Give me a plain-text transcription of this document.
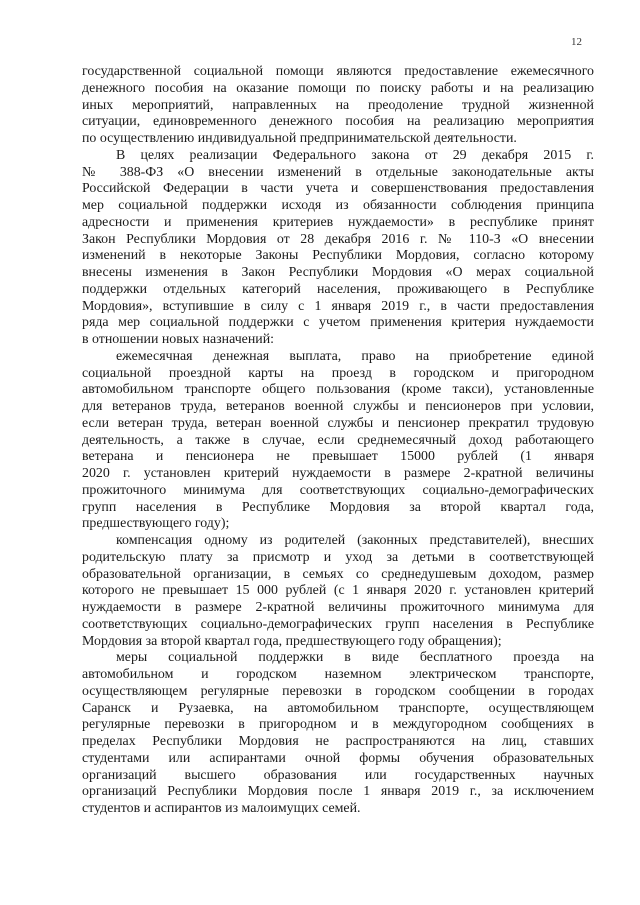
12
государственной социальной помощи являются предоставление ежемесячного
денежного пособия на оказание помощи по поиску работы и на реализацию
иных мероприятий, направленных на преодоление трудной жизненной
ситуации, единовременного денежного пособия на реализацию мероприятия
по осуществлению индивидуальной предпринимательской деятельности.
В целях реализации Федерального закона от 29 декабря 2015 г.
№ 388-ФЗ «О внесении изменений в отдельные законодательные акты
Российской Федерации в части учета и совершенствования предоставления
мер социальной поддержки исходя из обязанности соблюдения принципа
адресности и применения критериев нуждаемости» в республике принят
Закон Республики Мордовия от 28 декабря 2016 г. № 110-З «О внесении
изменений в некоторые Законы Республики Мордовия, согласно которому
внесены изменения в Закон Республики Мордовия «О мерах социальной
поддержки отдельных категорий населения, проживающего в Республике
Мордовия», вступившие в силу с 1 января 2019 г., в части предоставления
ряда мер социальной поддержки с учетом применения критерия нуждаемости
в отношении новых назначений:
ежемесячная денежная выплата, право на приобретение единой
социальной проездной карты на проезд в городском и пригородном
автомобильном транспорте общего пользования (кроме такси), установленные
для ветеранов труда, ветеранов военной службы и пенсионеров при условии,
если ветеран труда, ветеран военной службы и пенсионер прекратил трудовую
деятельность, а также в случае, если среднемесячный доход работающего
ветерана и пенсионера не превышает 15000 рублей (1 января
2020 г. установлен критерий нуждаемости в размере 2-кратной величины
прожиточного минимума для соответствующих социально-демографических
групп населения в Республике Мордовия за второй квартал года,
предшествующего году);
компенсация одному из родителей (законных представителей), внесших
родительскую плату за присмотр и уход за детьми в соответствующей
образовательной организации, в семьях со среднедушевым доходом, размер
которого не превышает 15 000 рублей (с 1 января 2020 г. установлен критерий
нуждаемости в размере 2-кратной величины прожиточного минимума для
соответствующих социально-демографических групп населения в Республике
Мордовия за второй квартал года, предшествующего году обращения);
меры социальной поддержки в виде бесплатного проезда на
автомобильном и городском наземном электрическом транспорте,
осуществляющем регулярные перевозки в городском сообщении в городах
Саранск и Рузаевка, на автомобильном транспорте, осуществляющем
регулярные перевозки в пригородном и в междугородном сообщениях в
пределах Республики Мордовия не распространяются на лиц, ставших
студентами или аспирантами очной формы обучения образовательных
организаций высшего образования или государственных научных
организаций Республики Мордовия после 1 января 2019 г., за исключением
студентов и аспирантов из малоимущих семей.
